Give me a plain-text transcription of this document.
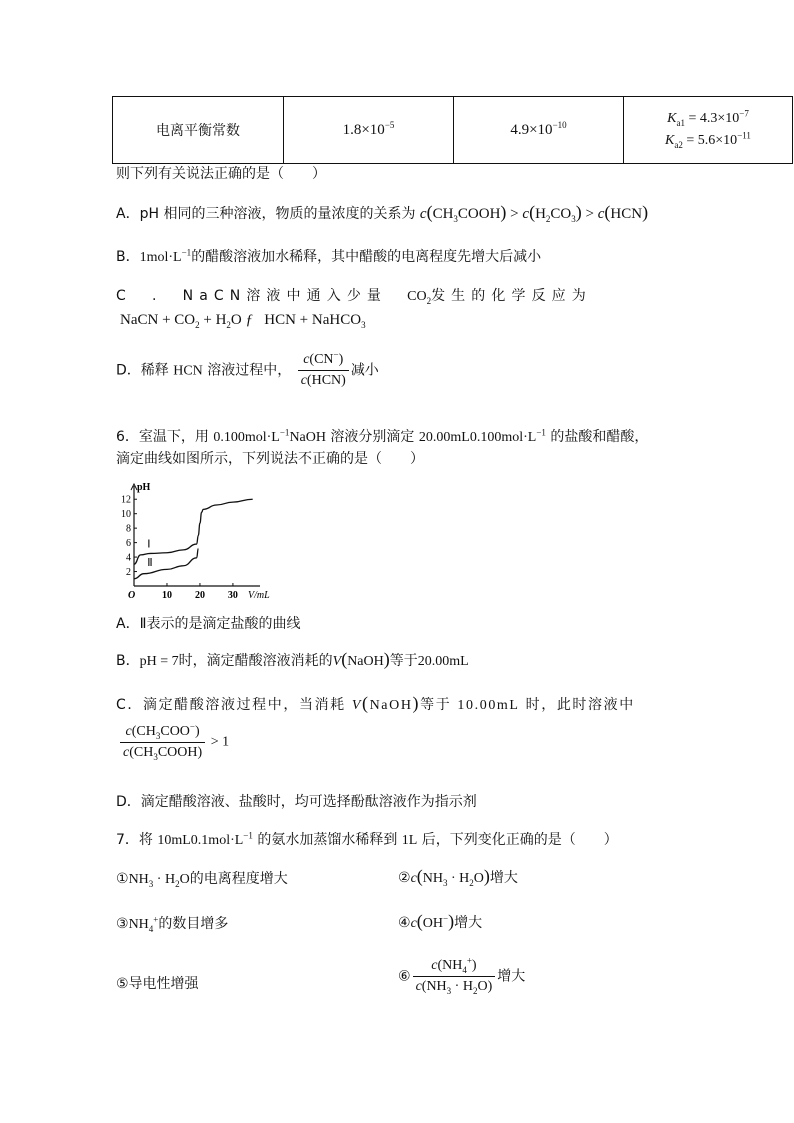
电离平衡常数	$1.8\times 10^{-5}$	$4.9\times 10^{-10}$	$K_{a1} = 4.3\times 10^{-7}$
$K_{a2} = 5.6\times 10^{-11}$
则下列有关说法正确的是（　　）
A．pH 相同的三种溶液，物质的量浓度的关系为 $c(CH_3COOH) > c(H_2CO_3) > c(HCN)$
B．$1mol\cdot L^{-1}$的醋酸溶液加水稀释，其中醋酸的电离程度先增大后减小
C　.　NaCN溶液中通入少量　$CO_2$发生的化学反应为
NaCN + $CO_2 + H_2O$ ƒ   HCN + NaHCO$_3$
D．稀释 HCN 溶液过程中， $\frac{c(CN^-)}{\text{c(HCN)}}$ 减小
6．室温下，用 $0.100mol\cdot L^{-1}NaOH$ 溶液分别滴定 $20.00mL0.100mol\cdot L^{-1}$ 的盐酸和醋酸，
滴定曲线如图所示，下列说法不正确的是（　　）
2
4
6
8
10
12
O	10 20 30
pH
V/mL
Ⅰ
Ⅱ
A．Ⅱ表示的是滴定盐酸的曲线
B．pH = 7时，滴定醋酸溶液消耗的V(NaOH)等于20.00mL
C．滴定醋酸溶液过程中，当消耗 V(NaOH)等于 10.00mL 时，此时溶液中
$\frac{c(CH_3COO^-)}{c(CH_3COOH)} > 1$
D．滴定醋酸溶液、盐酸时，均可选择酚酞溶液作为指示剂
7．将 $10mL0.1mol\cdot L^{-1}$ 的氨水加蒸馏水稀释到 1L 后，下列变化正确的是（　　）
$①NH_3 \cdot H_2O$的电离程度增大	$②c(NH_3 \cdot H_2O)$增大
$③NH_4^+$的数目增多	④c(OH−)增大
⑤导电性增强	⑥ $\frac{c(NH_4^+)}{c(NH_3 \cdot H_2O)}$ 增大
